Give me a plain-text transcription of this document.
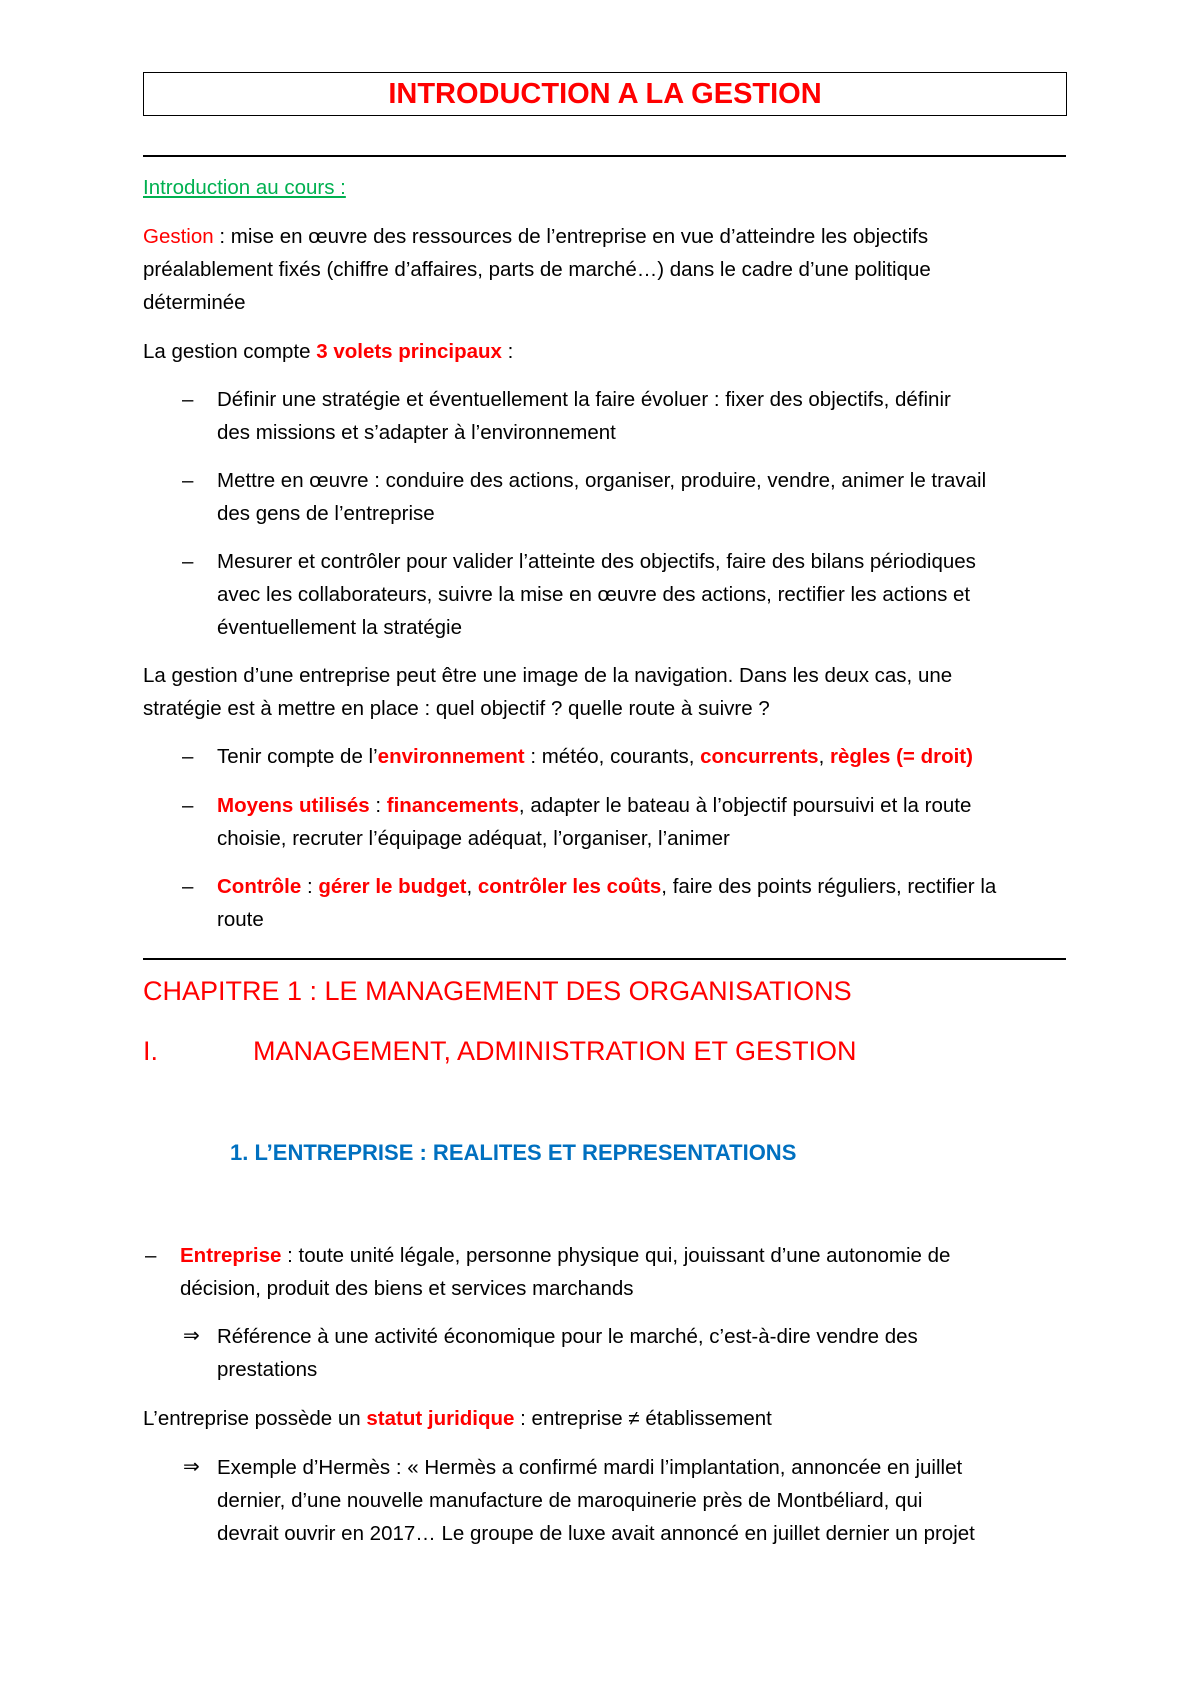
INTRODUCTION A LA GESTION

Introduction au cours :

Gestion : mise en œuvre des ressources de l’entreprise en vue d’atteindre les objectifs

préalablement fixés (chiffre d’affaires, parts de marché…) dans le cadre d’une politique

déterminée

La gestion compte 3 volets principaux :

– Définir une stratégie et éventuellement la faire évoluer : fixer des objectifs, définir

des missions et s’adapter à l’environnement

– Mettre en œuvre : conduire des actions, organiser, produire, vendre, animer le travail

des gens de l’entreprise

– Mesurer et contrôler pour valider l’atteinte des objectifs, faire des bilans périodiques

avec les collaborateurs, suivre la mise en œuvre des actions, rectifier les actions et

éventuellement la stratégie

La gestion d’une entreprise peut être une image de la navigation. Dans les deux cas, une

stratégie est à mettre en place : quel objectif ? quelle route à suivre ?

– Tenir compte de l’environnement : météo, courants, concurrents, règles (= droit)

– Moyens utilisés : financements, adapter le bateau à l’objectif poursuivi et la route

choisie, recruter l’équipage adéquat, l’organiser, l’animer

– Contrôle : gérer le budget, contrôler les coûts, faire des points réguliers, rectifier la

route

CHAPITRE 1 : LE MANAGEMENT DES ORGANISATIONS
I.	MANAGEMENT, ADMINISTRATION ET GESTION
1. L’ENTREPRISE : REALITES ET REPRESENTATIONS
– Entreprise : toute unité légale, personne physique qui, jouissant d’une autonomie de

décision, produit des biens et services marchands

⇒ Référence à une activité économique pour le marché, c’est-à-dire vendre des

prestations

L’entreprise possède un statut juridique : entreprise ≠ établissement

⇒ Exemple d’Hermès : « Hermès a confirmé mardi l’implantation, annoncée en juillet

dernier, d’une nouvelle manufacture de maroquinerie près de Montbéliard, qui

devrait ouvrir en 2017… Le groupe de luxe avait annoncé en juillet dernier un projet
